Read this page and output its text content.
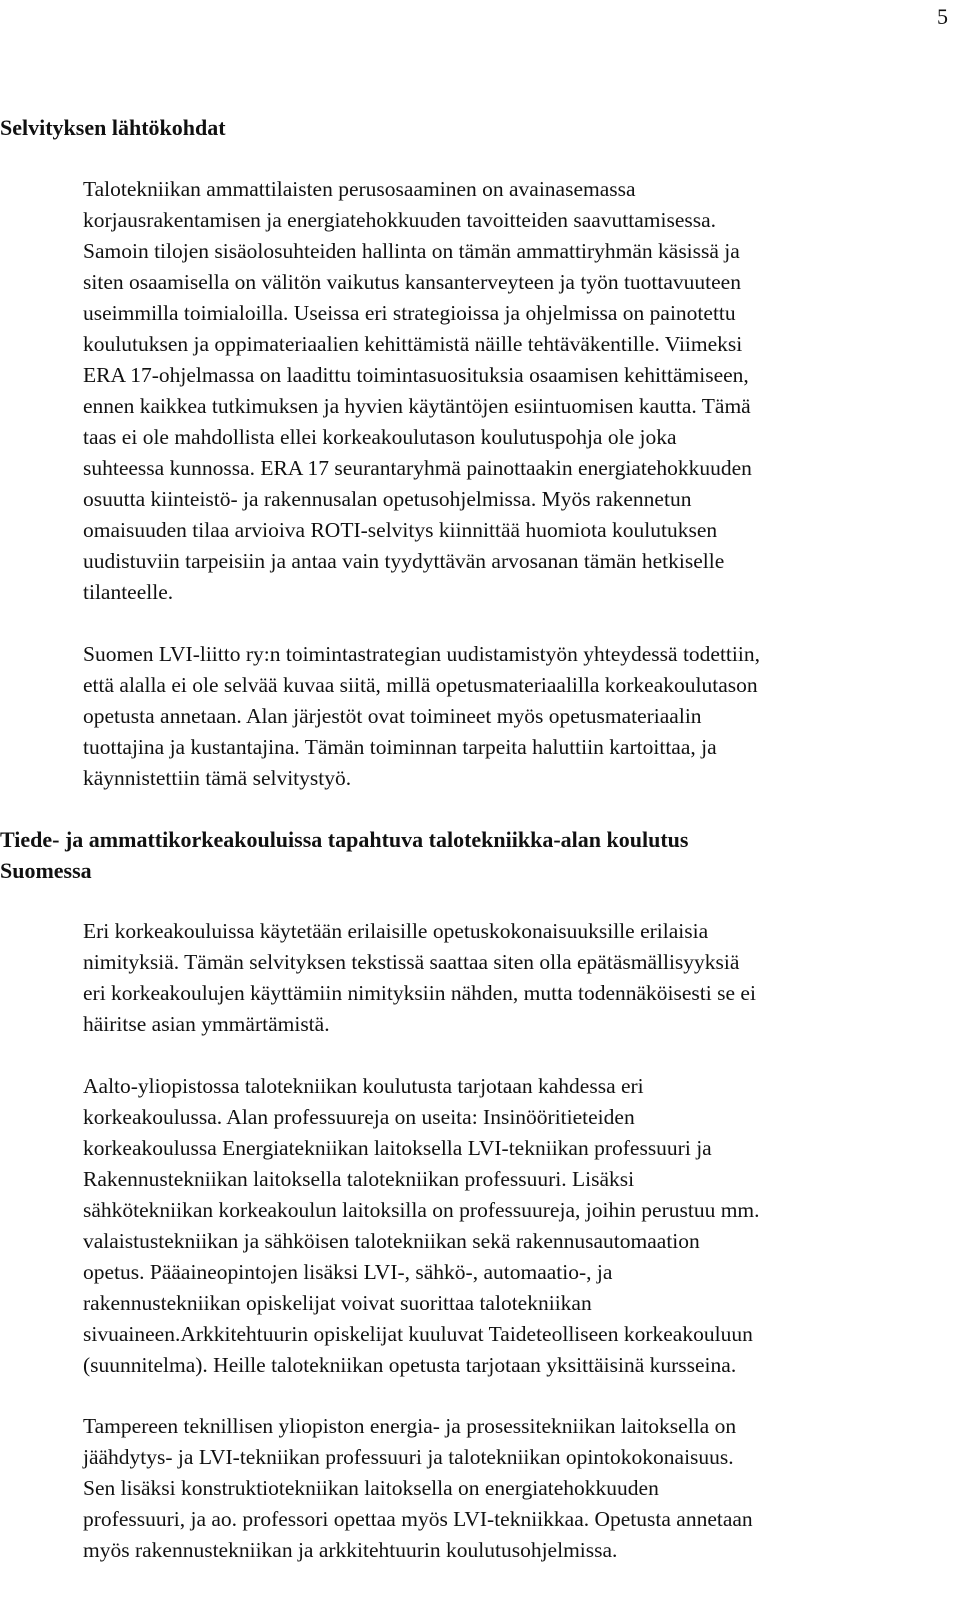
5
Selvityksen lähtökohdat

Talotekniikan ammattilaisten perusosaaminen on avainasemassa
korjausrakentamisen ja energiatehokkuuden tavoitteiden saavuttamisessa.
Samoin tilojen sisäolosuhteiden hallinta on tämän ammattiryhmän käsissä ja
siten osaamisella on välitön vaikutus kansanterveyteen ja työn tuottavuuteen
useimmilla toimialoilla. Useissa eri strategioissa ja ohjelmissa on painotettu
koulutuksen ja oppimateriaalien kehittämistä näille tehtäväkentille. Viimeksi
ERA 17-ohjelmassa on laadittu toimintasuosituksia osaamisen kehittämiseen,
ennen kaikkea tutkimuksen ja hyvien käytäntöjen esiintuomisen kautta. Tämä
taas ei ole mahdollista ellei korkeakoulutason koulutuspohja ole joka
suhteessa kunnossa. ERA 17 seurantaryhmä painottaakin energiatehokkuuden
osuutta kiinteistö- ja rakennusalan opetusohjelmissa. Myös rakennetun
omaisuuden tilaa arvioiva ROTI-selvitys kiinnittää huomiota koulutuksen
uudistuviin tarpeisiin ja antaa vain tyydyttävän arvosanan tämän hetkiselle
tilanteelle.

Suomen LVI-liitto ry:n toimintastrategian uudistamistyön yhteydessä todettiin,
että alalla ei ole selvää kuvaa siitä, millä opetusmateriaalilla korkeakoulutason
opetusta annetaan. Alan järjestöt ovat toimineet myös opetusmateriaalin
tuottajina ja kustantajina. Tämän toiminnan tarpeita haluttiin kartoittaa, ja
käynnistettiin tämä selvitystyö.

Tiede- ja ammattikorkeakouluissa tapahtuva talotekniikka-alan koulutus
Suomessa

Eri korkeakouluissa käytetään erilaisille opetuskokonaisuuksille erilaisia
nimityksiä. Tämän selvityksen tekstissä saattaa siten olla epätäsmällisyyksiä
eri korkeakoulujen käyttämiin nimityksiin nähden, mutta todennäköisesti se ei
häiritse asian ymmärtämistä.

Aalto-yliopistossa talotekniikan koulutusta tarjotaan kahdessa eri
korkeakoulussa. Alan professuureja on useita: Insinööritieteiden
korkeakoulussa Energiatekniikan laitoksella LVI-tekniikan professuuri ja
Rakennustekniikan laitoksella talotekniikan professuuri. Lisäksi
sähkötekniikan korkeakoulun laitoksilla on professuureja, joihin perustuu mm.
valaistustekniikan ja sähköisen talotekniikan sekä rakennusautomaation
opetus. Pääaineopintojen lisäksi LVI-, sähkö-, automaatio-, ja
rakennustekniikan opiskelijat voivat suorittaa talotekniikan
sivuaineen.Arkkitehtuurin opiskelijat kuuluvat Taideteolliseen korkeakouluun
(suunnitelma). Heille talotekniikan opetusta tarjotaan yksittäisinä kursseina.

Tampereen teknillisen yliopiston energia- ja prosessitekniikan laitoksella on
jäähdytys- ja LVI-tekniikan professuuri ja talotekniikan opintokokonaisuus.
Sen lisäksi konstruktiotekniikan laitoksella on energiatehokkuuden
professuuri, ja ao. professori opettaa myös LVI-tekniikkaa. Opetusta annetaan
myös rakennustekniikan ja arkkitehtuurin koulutusohjelmissa.
